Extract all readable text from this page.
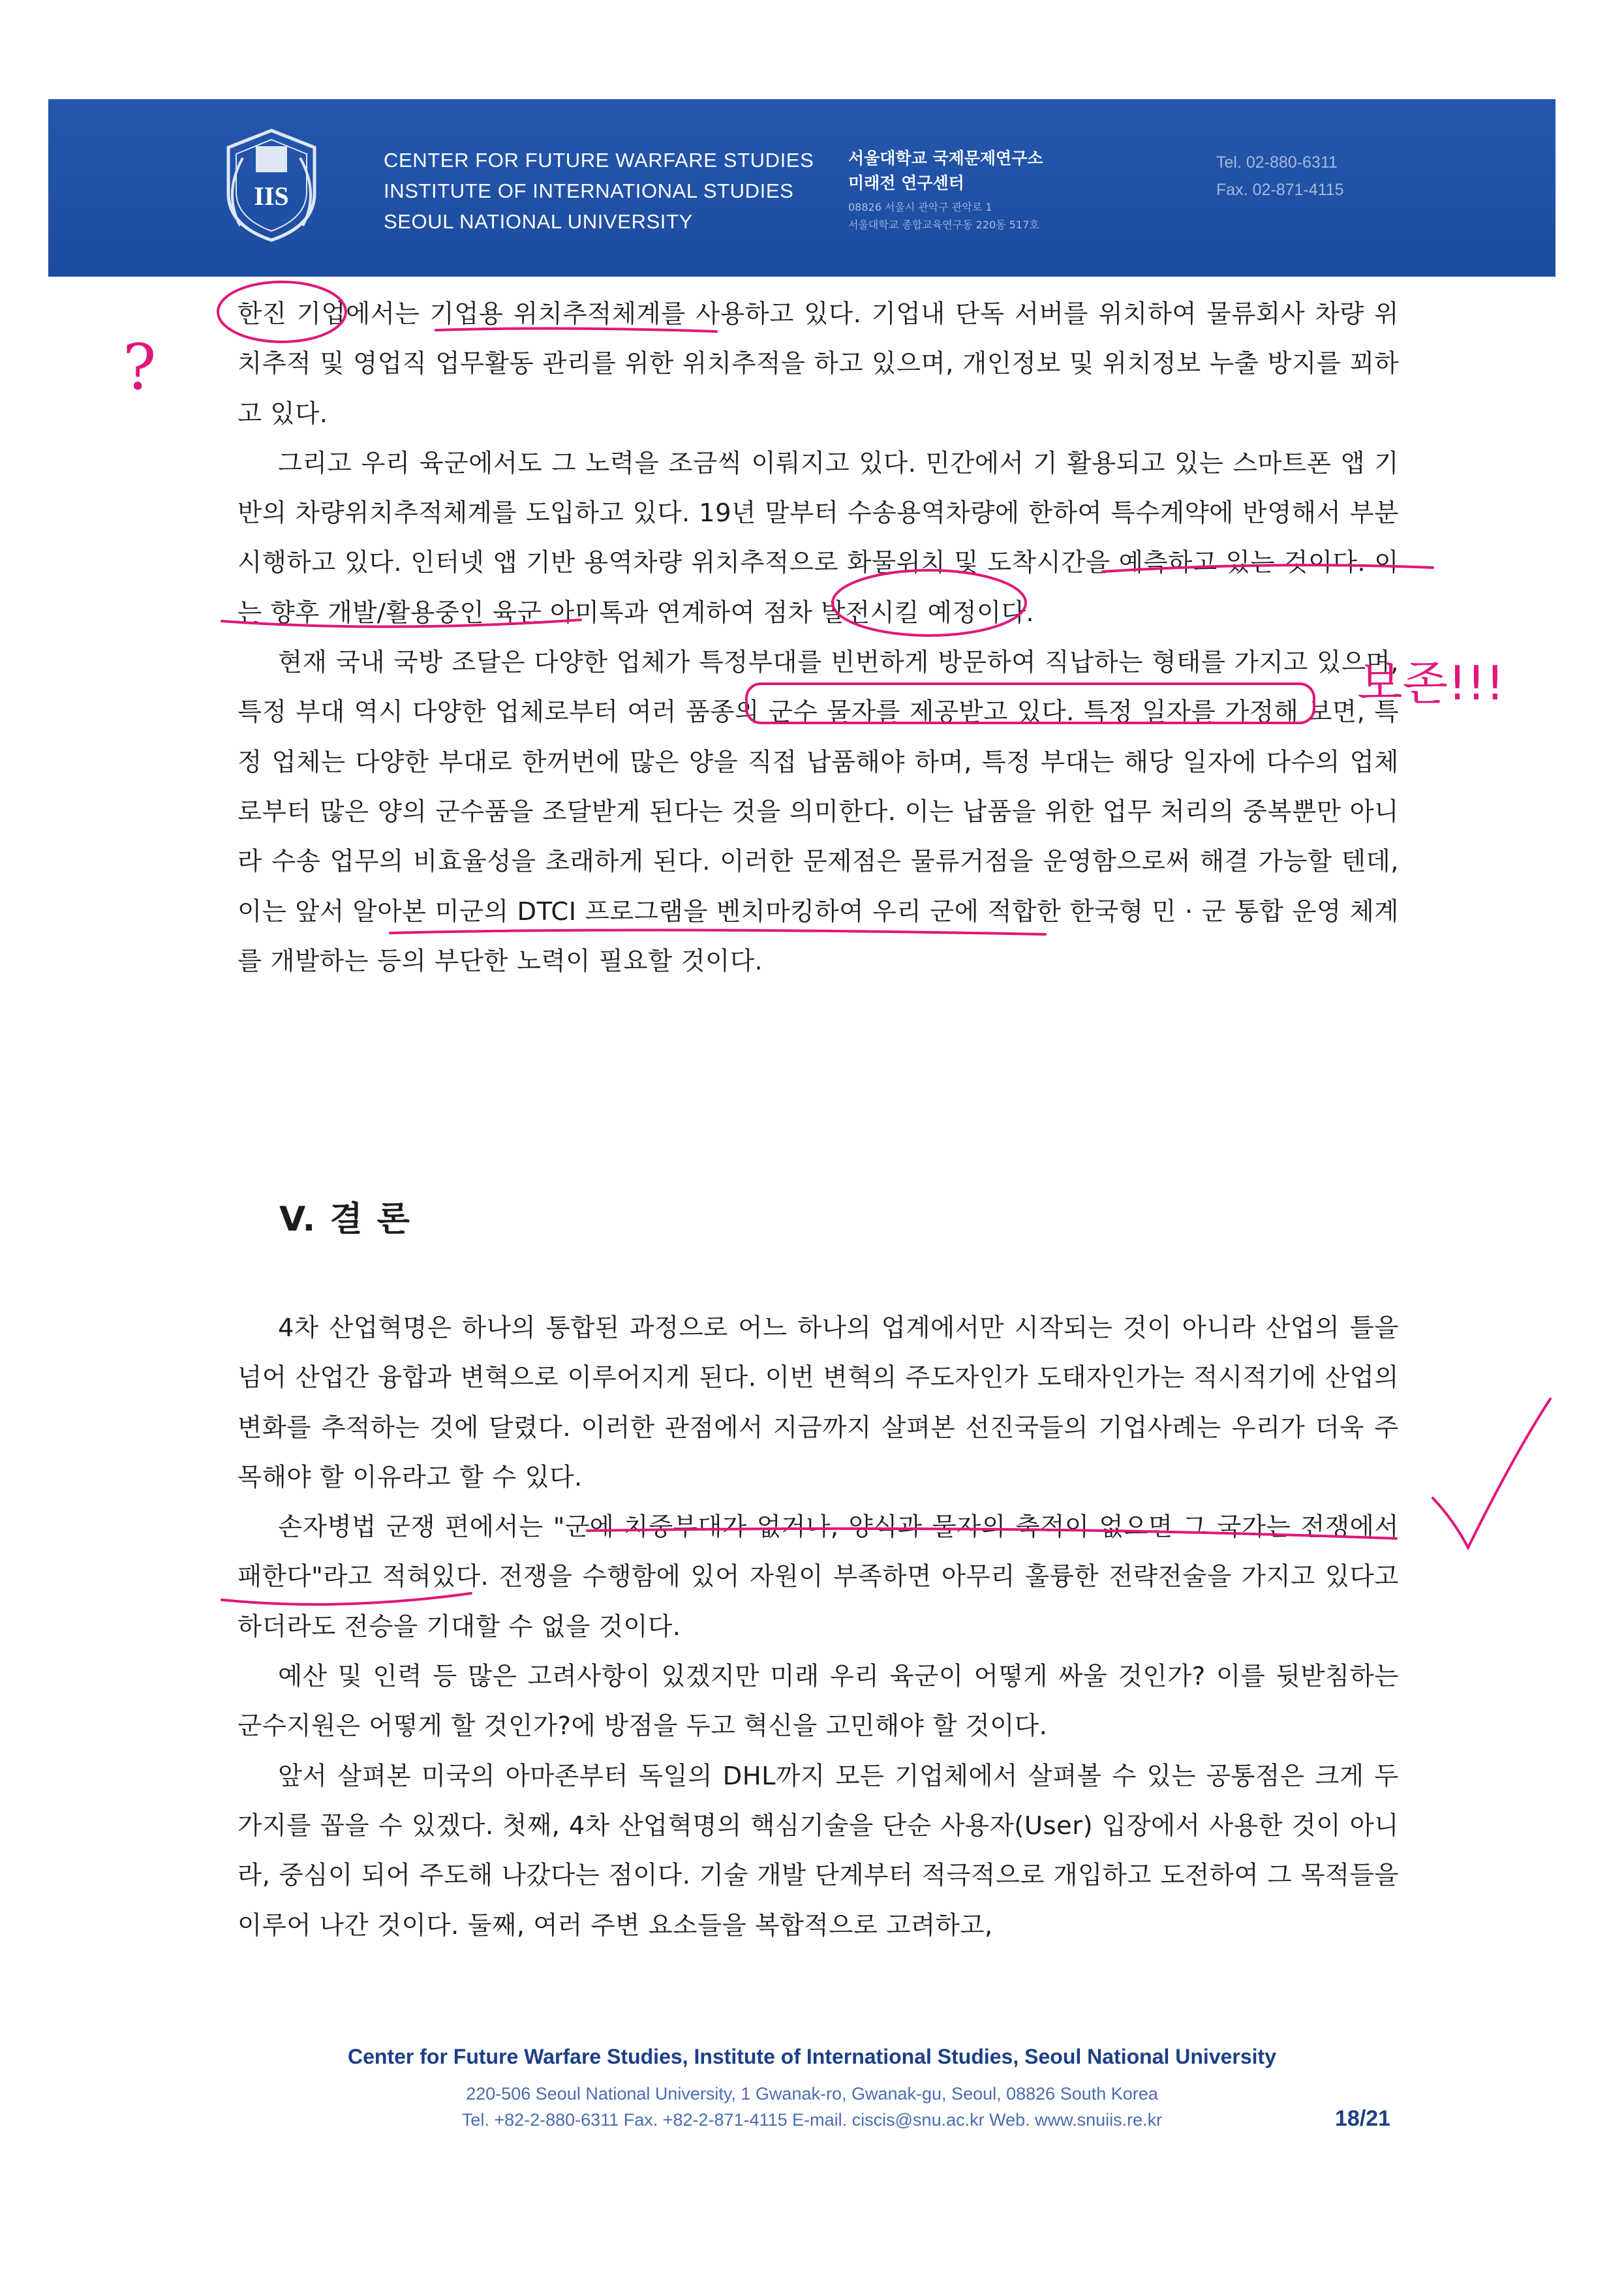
IIS
CENTER FOR FUTURE WARFARE STUDIES
INSTITUTE OF INTERNATIONAL STUDIES
SEOUL NATIONAL UNIVERSITY
서울대학교 국제문제연구소
미래전 연구센터
08826 서울시 관악구 관악로 1
서울대학교 종합교육연구동 220동 517호
Tel. 02-880-6311
Fax. 02-871-4115

한진 기업에서는 기업용 위치추적체계를 사용하고 있다. 기업내 단독 서버를 위치하여 물류회사 차량 위치추적 및 영업직 업무활동 관리를 위한 위치추적을 하고 있으며, 개인정보 및 위치정보 누출 방지를 꾀하고 있다.

그리고 우리 육군에서도 그 노력을 조금씩 이뤄지고 있다. 민간에서 기 활용되고 있는 스마트폰 앱 기반의 차량위치추적체계를 도입하고 있다. 19년 말부터 수송용역차량에 한하여 특수계약에 반영해서 부분 시행하고 있다. 인터넷 앱 기반 용역차량 위치추적으로 화물위치 및 도착시간을 예측하고 있는 것이다. 이는 향후 개발/활용중인 육군 아미톡과 연계하여 점차 발전시킬 예정이다.

현재 국내 국방 조달은 다양한 업체가 특정부대를 빈번하게 방문하여 직납하는 형태를 가지고 있으며, 특정 부대 역시 다양한 업체로부터 여러 품종의 군수 물자를 제공받고 있다. 특정 일자를 가정해 보면, 특정 업체는 다양한 부대로 한꺼번에 많은 양을 직접 납품해야 하며, 특정 부대는 해당 일자에 다수의 업체로부터 많은 양의 군수품을 조달받게 된다는 것을 의미한다. 이는 납품을 위한 업무 처리의 중복뿐만 아니라 수송 업무의 비효율성을 초래하게 된다. 이러한 문제점은 물류거점을 운영함으로써 해결 가능할 텐데, 이는 앞서 알아본 미군의 DTCI 프로그램을 벤치마킹하여 우리 군에 적합한 한국형 민 · 군 통합 운영 체계를 개발하는 등의 부단한 노력이 필요할 것이다.

V. 결 론

4차 산업혁명은 하나의 통합된 과정으로 어느 하나의 업계에서만 시작되는 것이 아니라 산업의 틀을 넘어 산업간 융합과 변혁으로 이루어지게 된다. 이번 변혁의 주도자인가 도태자인가는 적시적기에 산업의 변화를 추적하는 것에 달렸다. 이러한 관점에서 지금까지 살펴본 선진국들의 기업사례는 우리가 더욱 주목해야 할 이유라고 할 수 있다.

손자병법 군쟁 편에서는 "군에 치중부대가 없거나, 양식과 물자의 축적이 없으면 그 국가는 전쟁에서 패한다"라고 적혀있다. 전쟁을 수행함에 있어 자원이 부족하면 아무리 훌륭한 전략전술을 가지고 있다고 하더라도 전승을 기대할 수 없을 것이다.

예산 및 인력 등 많은 고려사항이 있겠지만 미래 우리 육군이 어떻게 싸울 것인가? 이를 뒷받침하는 군수지원은 어떻게 할 것인가?에 방점을 두고 혁신을 고민해야 할 것이다.

앞서 살펴본 미국의 아마존부터 독일의 DHL까지 모든 기업체에서 살펴볼 수 있는 공통점은 크게 두 가지를 꼽을 수 있겠다. 첫째, 4차 산업혁명의 핵심기술을 단순 사용자(User) 입장에서 사용한 것이 아니라, 중심이 되어 주도해 나갔다는 점이다. 기술 개발 단계부터 적극적으로 개입하고 도전하여 그 목적들을 이루어 나간 것이다. 둘째, 여러 주변 요소들을 복합적으로 고려하고,

?
보존!!!
Center for Future Warfare Studies, Institute of International Studies, Seoul National University
220-506 Seoul National University, 1 Gwanak-ro, Gwanak-gu, Seoul, 08826 South Korea
Tel. +82-2-880-6311 Fax. +82-2-871-4115 E-mail. ciscis@snu.ac.kr Web. www.snuiis.re.kr	18/21
